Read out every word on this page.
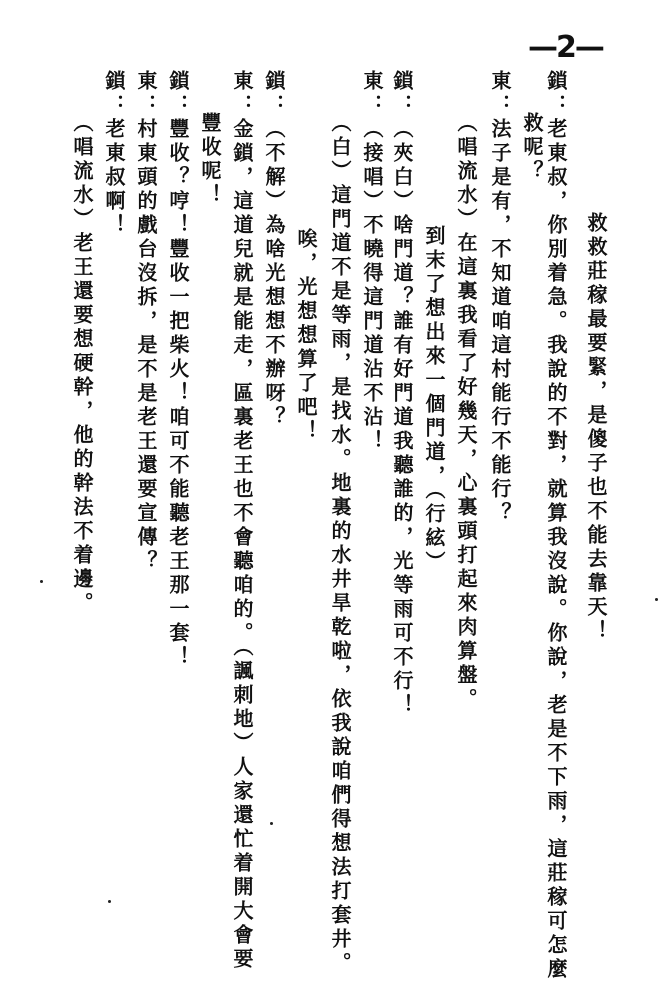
—2—
救救莊稼最要緊，是傻子也不能去靠天！
鎖：老東叔，你別着急。我說的不對，就算我沒說。你說，老是不下雨，這莊稼可怎麼
救呢？
東：法子是有，不知道咱這村能行不能行？
（唱流水）在這裏我看了好幾天，心裏頭打起來肉算盤。
到末了想出來一個門道，（行絃）
鎖：（夾白）啥門道？誰有好門道我聽誰的，光等雨可不行！
東：（接唱）不曉得這門道沾不沾！
（白）這門道不是等雨，是找水。地裏的水井旱乾啦，依我說咱們得想法打套井。
唉，光想想算了吧！
鎖：（不解）為啥光想想不辦呀？
東：金鎖，這道兒就是能走，區裏老王也不會聽咱的。（諷刺地）人家還忙着開大會要
豐收呢！
鎖：豐收？哼！豐收一把柴火！咱可不能聽老王那一套！
東：村東頭的戲台沒拆，是不是老王還要宣傳？
鎖：老東叔啊！
（唱流水）老王還要想硬幹，他的幹法不着邊。
